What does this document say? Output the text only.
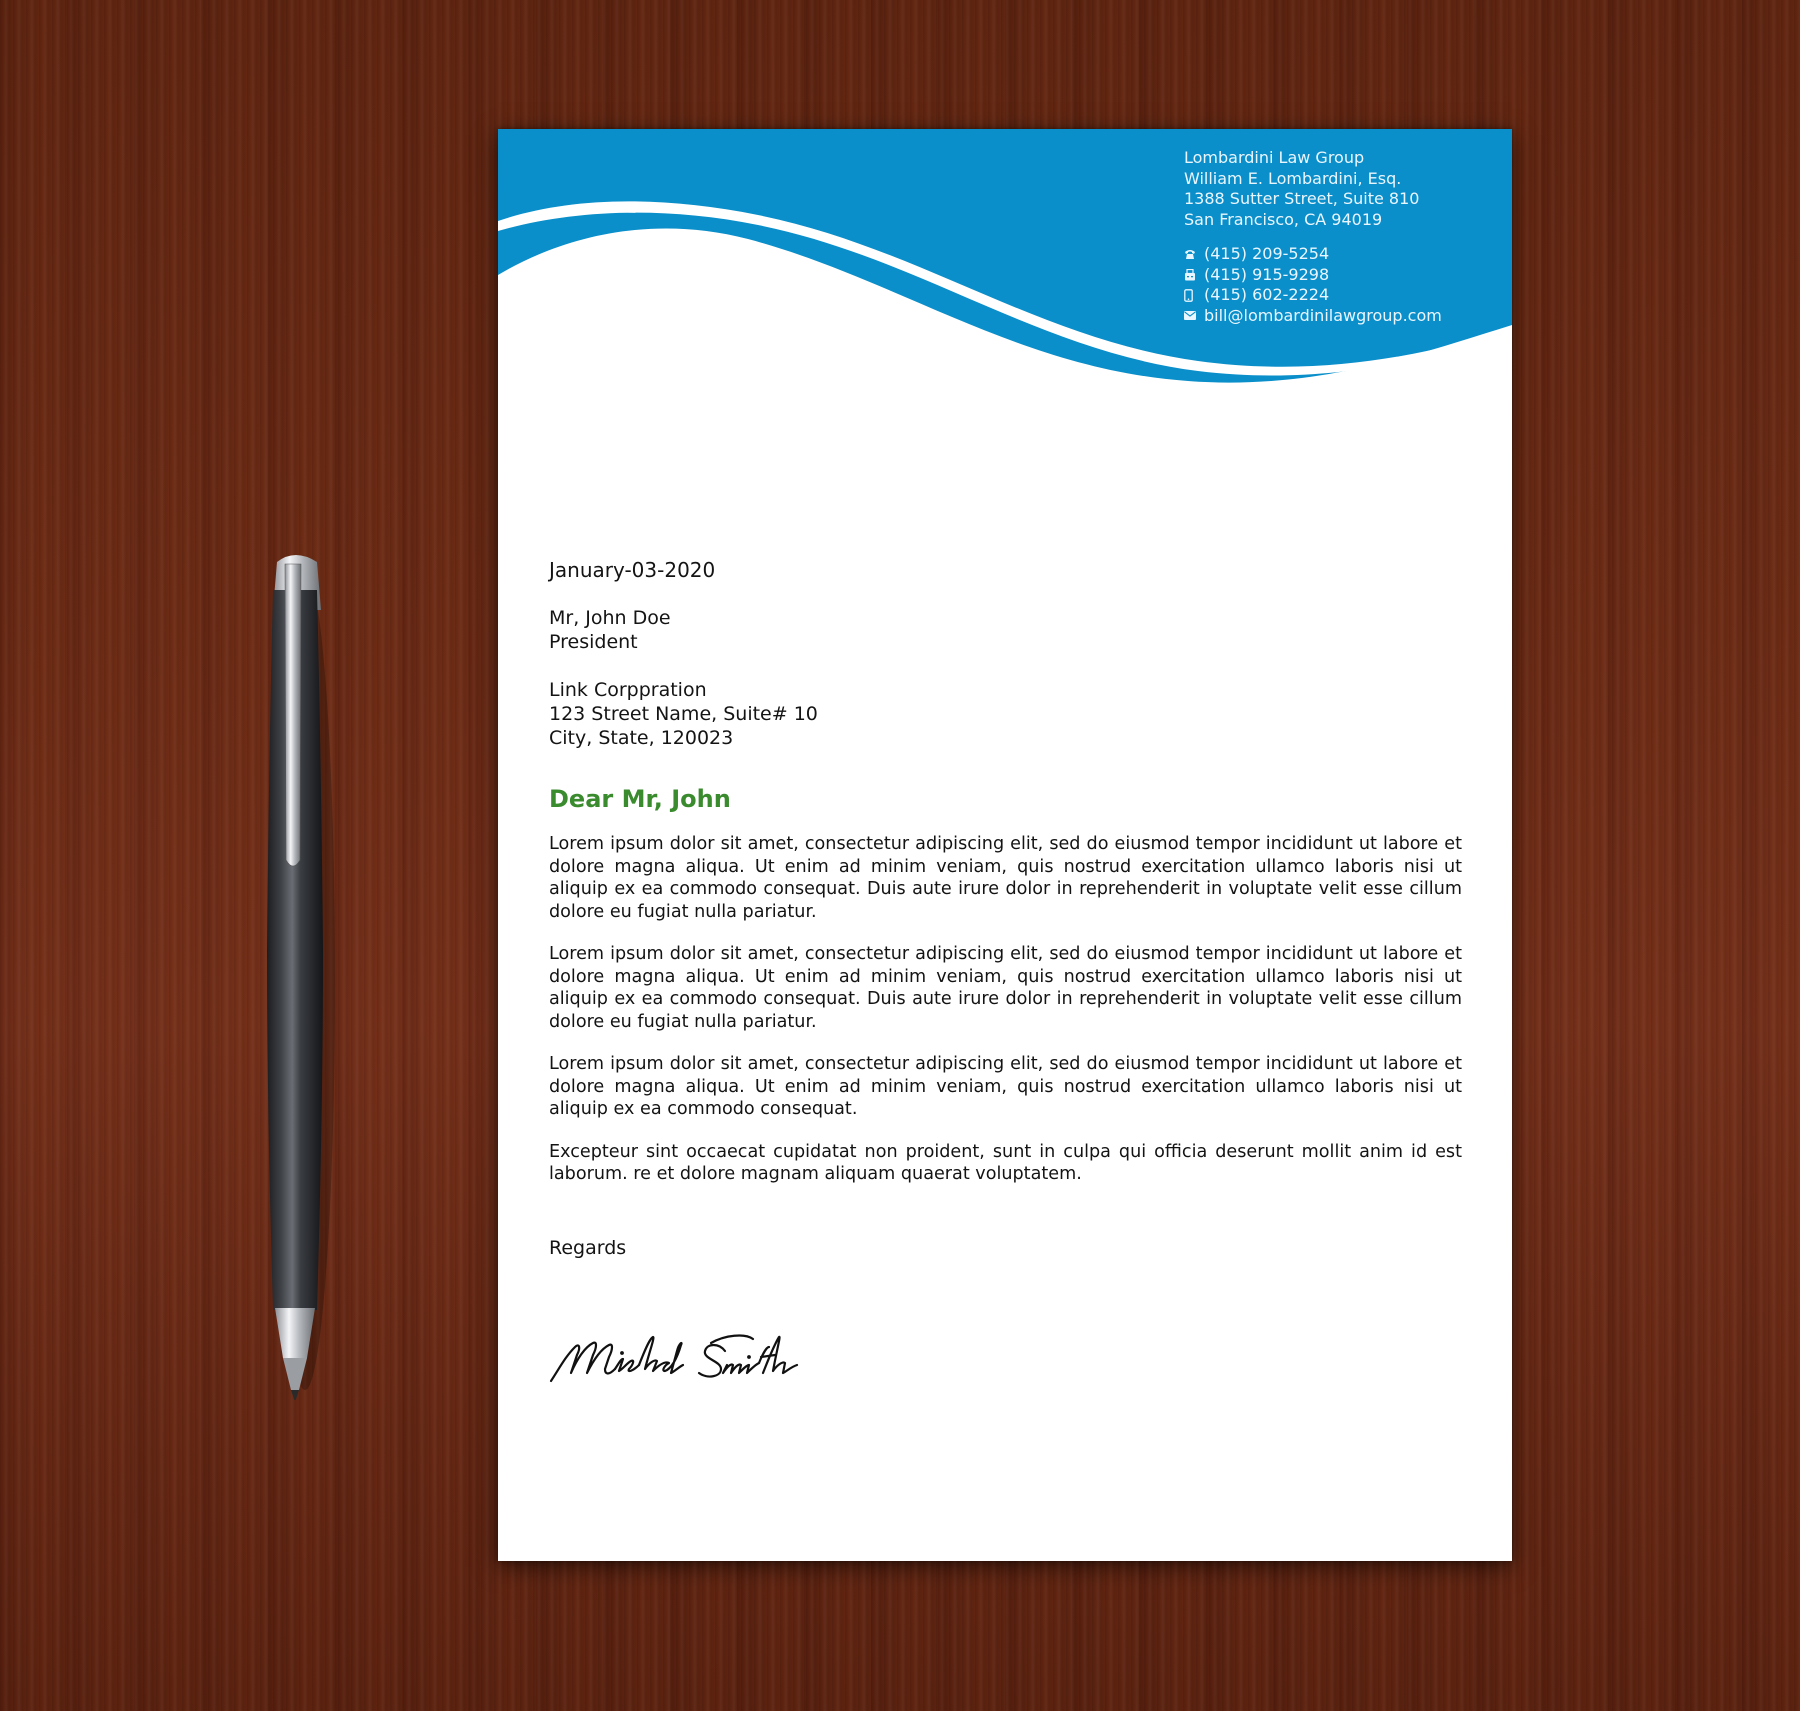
Lombardini Law Group
William E. Lombardini, Esq.
1388 Sutter Street, Suite 810
San Francisco, CA 94019
(415) 209-5254
(415) 915-9298
(415) 602-2224
bill@lombardinilawgroup.com

January-03-2020

Mr, John Doe

President

Link Corppration

123 Street Name, Suite# 10

City, State, 120023

Dear Mr, John

Lorem ipsum dolor sit amet, consectetur adipiscing elit, sed do eiusmod tempor incididunt ut labore et dolore magna aliqua. Ut enim ad minim veniam, quis nostrud exercitation ullamco laboris nisi ut aliquip ex ea commodo consequat. Duis aute irure dolor in reprehenderit in voluptate velit esse cillum dolore eu fugiat nulla pariatur.

Lorem ipsum dolor sit amet, consectetur adipiscing elit, sed do eiusmod tempor incididunt ut labore et dolore magna aliqua. Ut enim ad minim veniam, quis nostrud exercitation ullamco laboris nisi ut aliquip ex ea commodo consequat. Duis aute irure dolor in reprehenderit in voluptate velit esse cillum dolore eu fugiat nulla pariatur.

Lorem ipsum dolor sit amet, consectetur adipiscing elit, sed do eiusmod tempor incididunt ut labore et dolore magna aliqua. Ut enim ad minim veniam, quis nostrud exercitation ullamco laboris nisi ut aliquip ex ea commodo consequat.

Excepteur sint occaecat cupidatat non proident, sunt in culpa qui officia deserunt mollit anim id est laborum. re et dolore magnam aliquam quaerat voluptatem.

Regards
